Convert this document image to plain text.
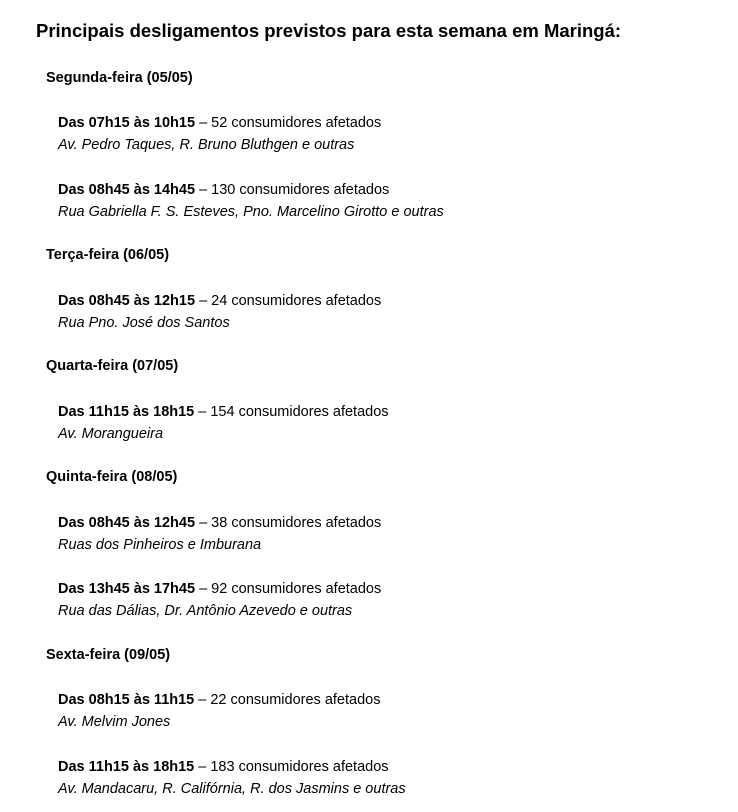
Principais desligamentos previstos para esta semana em Maringá:
Segunda-feira (05/05)
Das 07h15 às 10h15 – 52 consumidores afetados
Av. Pedro Taques, R. Bruno Bluthgen e outras
Das 08h45 às 14h45 – 130 consumidores afetados
Rua Gabriella F. S. Esteves, Pno. Marcelino Girotto e outras
Terça-feira (06/05)
Das 08h45 às 12h15 – 24 consumidores afetados
Rua Pno. José dos Santos
Quarta-feira (07/05)
Das 11h15 às 18h15 – 154 consumidores afetados
Av. Morangueira
Quinta-feira (08/05)
Das 08h45 às 12h45 – 38 consumidores afetados
Ruas dos Pinheiros e Imburana
Das 13h45 às 17h45 – 92 consumidores afetados
Rua das Dálias, Dr. Antônio Azevedo e outras
Sexta-feira (09/05)
Das 08h15 às 11h15 – 22 consumidores afetados
Av. Melvim Jones
Das 11h15 às 18h15 – 183 consumidores afetados
Av. Mandacaru, R. Califórnia, R. dos Jasmins e outras
